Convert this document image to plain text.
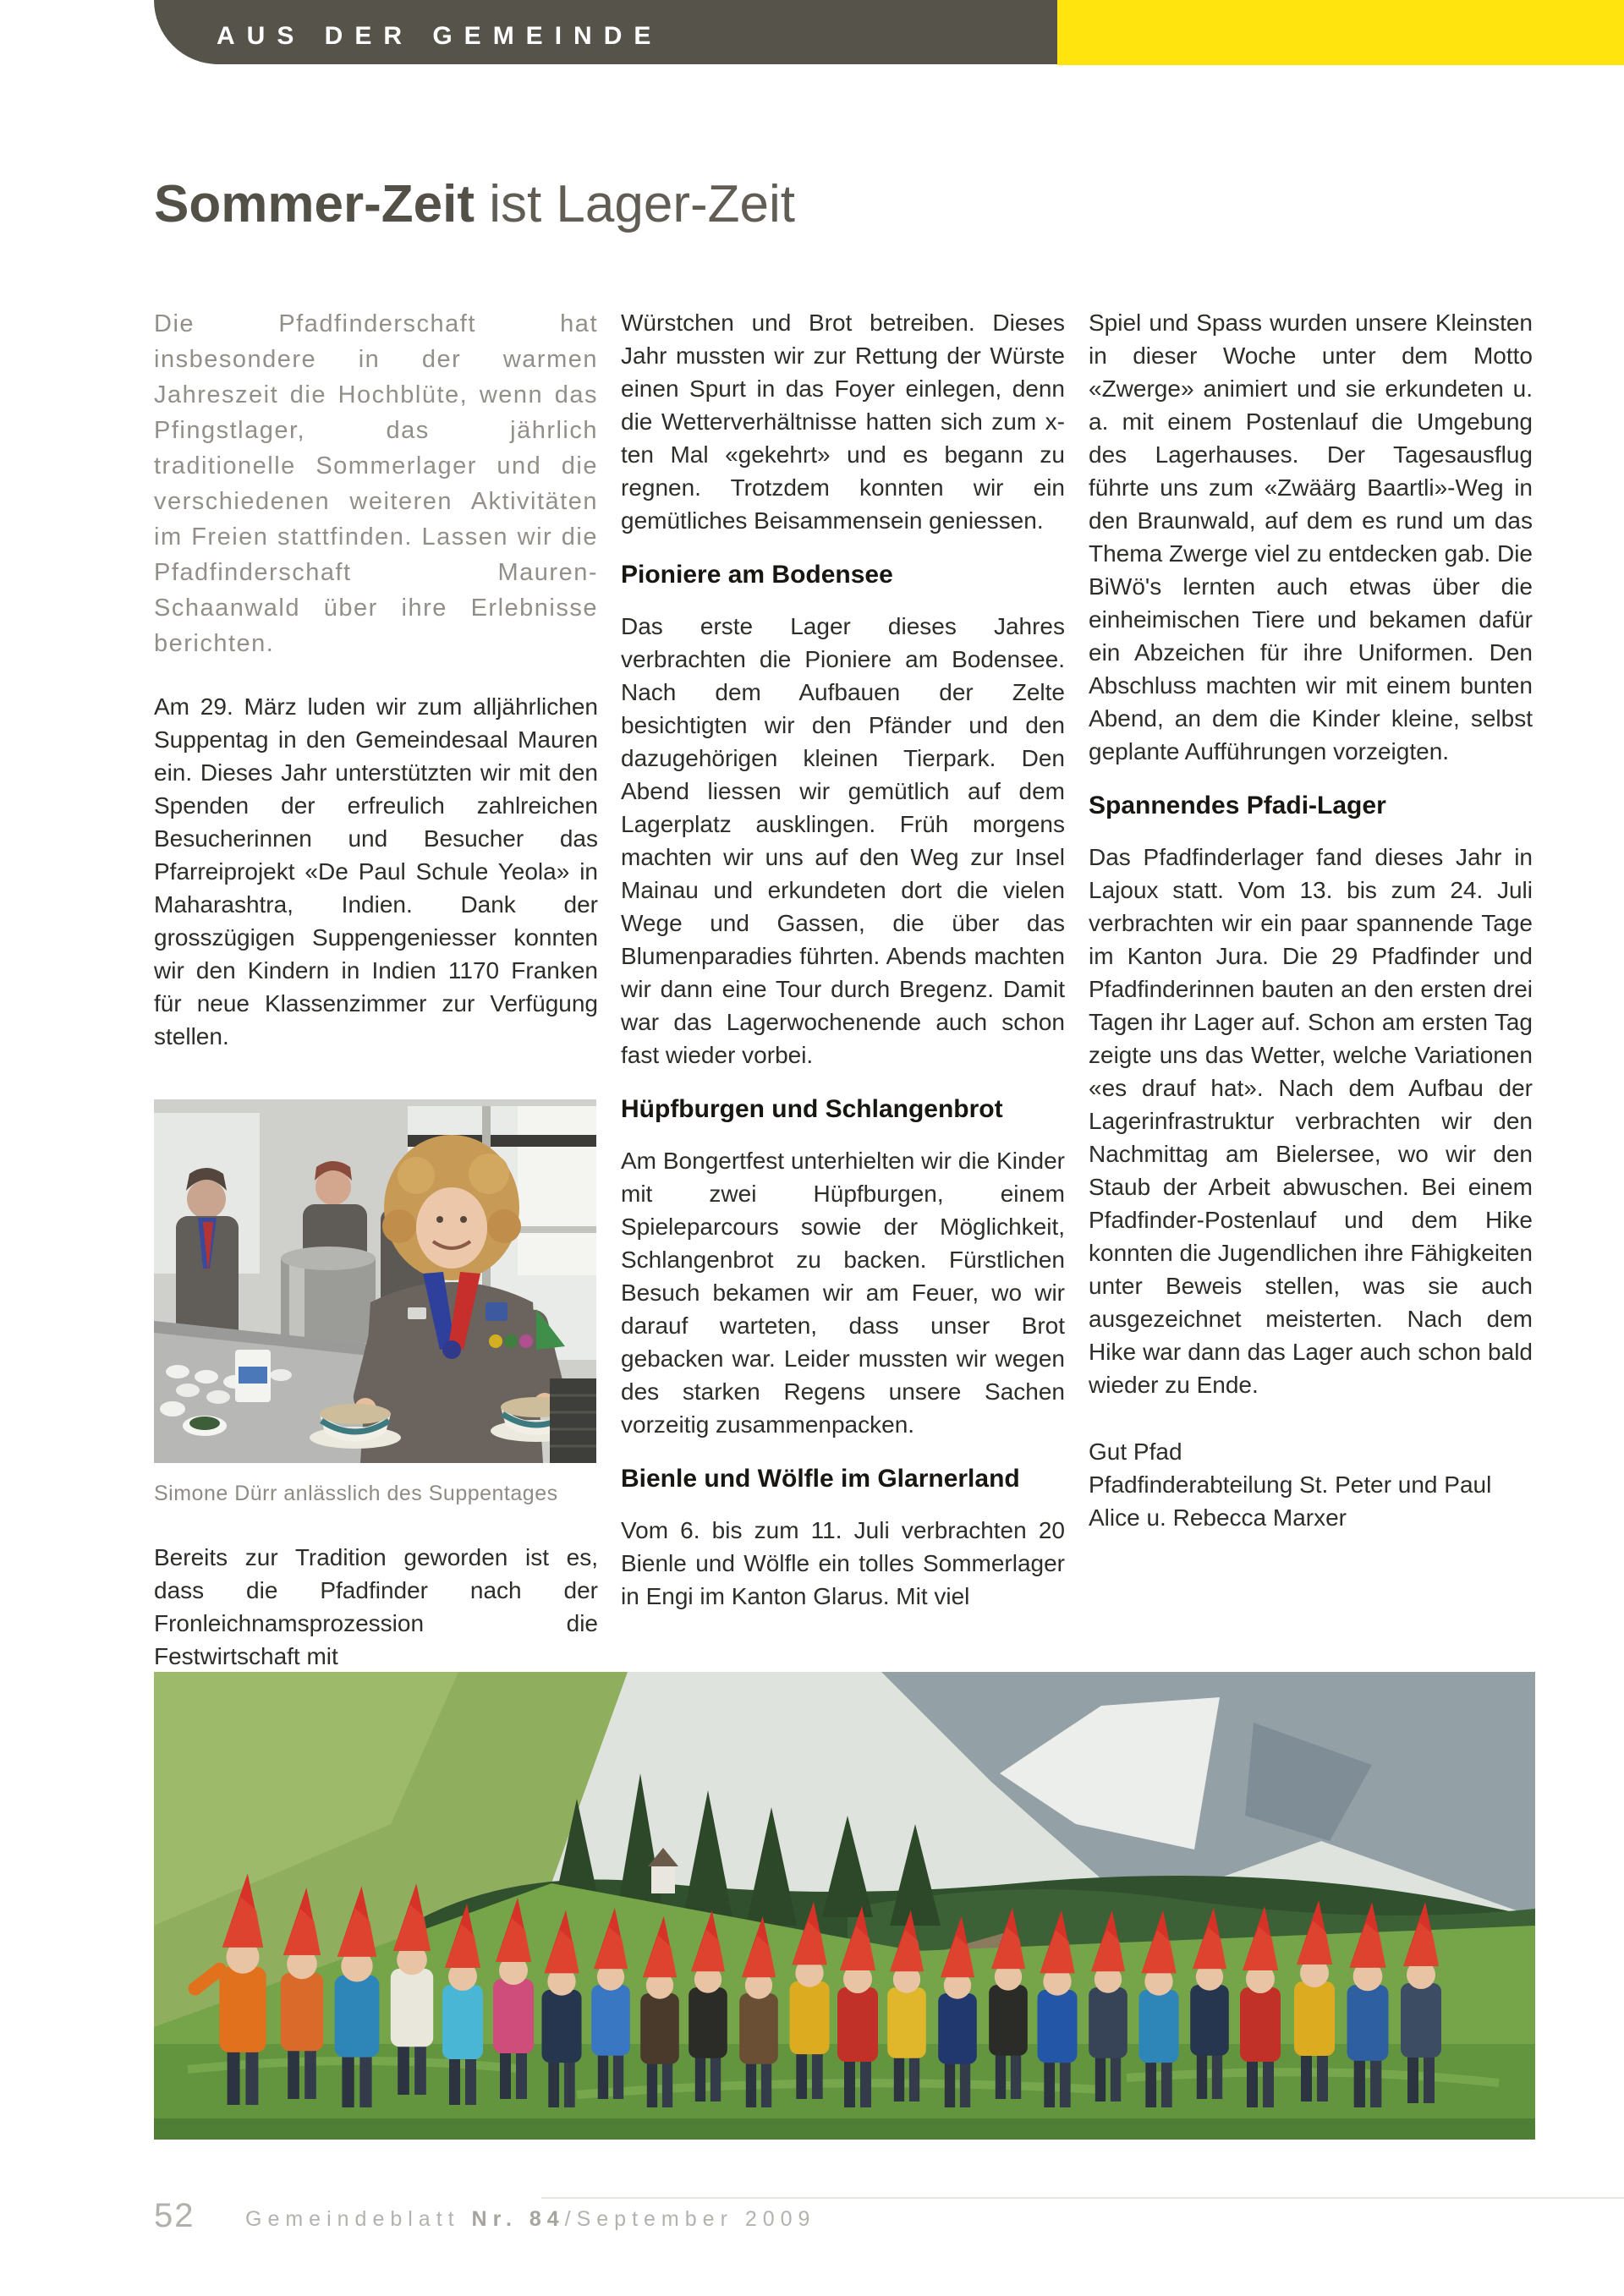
AUS DER GEMEINDE
Sommer-Zeit ist Lager-Zeit

Die Pfadfinderschaft hat insbesondere in der warmen Jahreszeit die Hochblüte, wenn das Pfingstlager, das jährlich traditionelle Sommerlager und die verschiedenen weiteren Aktivitäten im Freien stattfinden. Lassen wir die Pfadfinderschaft Mauren-Schaanwald über ihre Erlebnisse berichten.

Am 29. März luden wir zum alljährlichen Suppentag in den Gemeindesaal Mauren ein. Dieses Jahr unterstützten wir mit den Spenden der erfreulich zahlreichen Besucherinnen und Besucher das Pfarreiprojekt «De Paul Schule Yeola» in Maharashtra, Indien. Dank der grosszügigen Suppengeniesser konnten wir den Kindern in Indien 1170 Franken für neue Klassenzimmer zur Verfügung stellen.

Simone Dürr anlässlich des Suppentages

Bereits zur Tradition geworden ist es, dass die Pfadfinder nach der Fronleichnamsprozession die Festwirtschaft mit

Würstchen und Brot betreiben. Dieses Jahr mussten wir zur Rettung der Würste einen Spurt in das Foyer einlegen, denn die Wetterverhältnisse hatten sich zum x-ten Mal «gekehrt» und es begann zu regnen. Trotzdem konnten wir ein gemütliches Beisammensein geniessen.

Pioniere am Bodensee

Das erste Lager dieses Jahres verbrachten die Pioniere am Bodensee. Nach dem Aufbauen der Zelte besichtigten wir den Pfänder und den dazugehörigen kleinen Tierpark. Den Abend liessen wir gemütlich auf dem Lagerplatz ausklingen. Früh morgens machten wir uns auf den Weg zur Insel Mainau und erkundeten dort die vielen Wege und Gassen, die über das Blumenparadies führten. Abends machten wir dann eine Tour durch Bregenz. Damit war das Lagerwochenende auch schon fast wieder vorbei.

Hüpfburgen und Schlangenbrot

Am Bongertfest unterhielten wir die Kinder mit zwei Hüpfburgen, einem Spieleparcours sowie der Möglichkeit, Schlangenbrot zu backen. Fürstlichen Besuch bekamen wir am Feuer, wo wir darauf warteten, dass unser Brot gebacken war. Leider mussten wir wegen des starken Regens unsere Sachen vorzeitig zusammenpacken.

Bienle und Wölfle im Glarnerland

Vom 6. bis zum 11. Juli verbrachten 20 Bienle und Wölfle ein tolles Sommerlager in Engi im Kanton Glarus. Mit viel

Spiel und Spass wurden unsere Kleinsten in dieser Woche unter dem Motto «Zwerge» animiert und sie erkundeten u. a. mit einem Postenlauf die Umgebung des Lagerhauses. Der Tagesausflug führte uns zum «Zwäärg Baartli»-Weg in den Braunwald, auf dem es rund um das Thema Zwerge viel zu entdecken gab. Die BiWö's lernten auch etwas über die einheimischen Tiere und bekamen dafür ein Abzeichen für ihre Uniformen. Den Abschluss machten wir mit einem bunten Abend, an dem die Kinder kleine, selbst geplante Aufführungen vorzeigten.

Spannendes Pfadi-Lager

Das Pfadfinderlager fand dieses Jahr in Lajoux statt. Vom 13. bis zum 24. Juli verbrachten wir ein paar spannende Tage im Kanton Jura. Die 29 Pfadfinder und Pfadfinderinnen bauten an den ersten drei Tagen ihr Lager auf. Schon am ersten Tag zeigte uns das Wetter, welche Variationen «es drauf hat». Nach dem Aufbau der Lagerinfrastruktur verbrachten wir den Nachmittag am Bielersee, wo wir den Staub der Arbeit abwuschen. Bei einem Pfadfinder-Postenlauf und dem Hike konnten die Jugendlichen ihre Fähigkeiten unter Beweis stellen, was sie auch ausgezeichnet meisterten. Nach dem Hike war dann das Lager auch schon bald wieder zu Ende.

Gut Pfad
Pfadfinderabteilung St. Peter und Paul
Alice u. Rebecca Marxer
52 Gemeindeblatt Nr. 84/September 2009
